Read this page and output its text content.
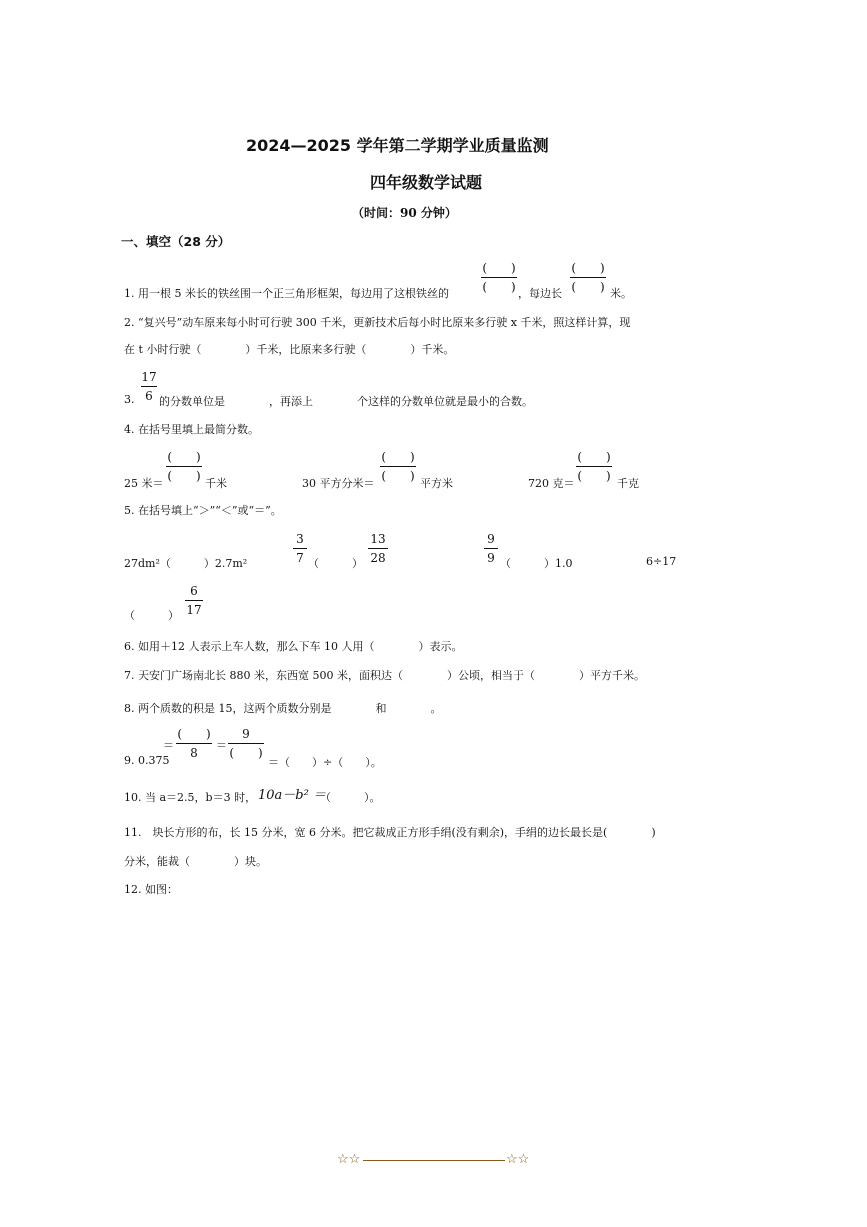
2024—2025 学年第二学期学业质量监测
四年级数学试题
（时间：90 分钟）
一、填空（28 分）
1. 用一根 5 米长的铁丝围一个正三角形框架，每边用了这根铁丝的
(　　)
(　　) ，每边长
(　　)
(　　) 米。
2. “复兴号”动车原来每小时可行驶 300 千米，更新技术后每小时比原来多行驶 x 千米，照这样计算，现
在 t 小时行驶（　　　　）千米，比原来多行驶（　　　　）千米。
3.
17
6 的分数单位是　　　　，再添上　　　　个这样的分数单位就是最小的合数。
4. 在括号里填上最简分数。
25 米＝
(　　)
(　　)
千米	30 平方分米＝
(　　)
(　　)
平方米	720 克＝
(　　)
(　　)
千克
5. 在括号填上“＞”“＜”或“＝”。
27dm²（　　　）2.7m²
3
7 （　　　）
13
28
9
9 （　　　）1.0	6÷17
（　　　）
6
17
6. 如用＋12 人表示上车人数，那么下车 10 人用（　　　　）表示。
7. 天安门广场南北长 880 米，东西宽 500 米，面积达（　　　　）公顷，相当于（　　　　）平方千米。
8. 两个质数的积是 15，这两个质数分别是　　　　和　　　　。
9. 0.375
＝
(　　)
8
＝
9
(　　)
＝（　　）÷（　　）。
10. 当 a＝2.5，b＝3 时， 10a－b² ＝
（　　　）。
11.　块长方形的布，长 15 分米，宽 6 分米。把它裁成正方形手绢(没有剩余)，手绢的边长最长是(　　　　)
分米，能裁（　　　　）块。
12. 如图：
☆☆	☆☆
